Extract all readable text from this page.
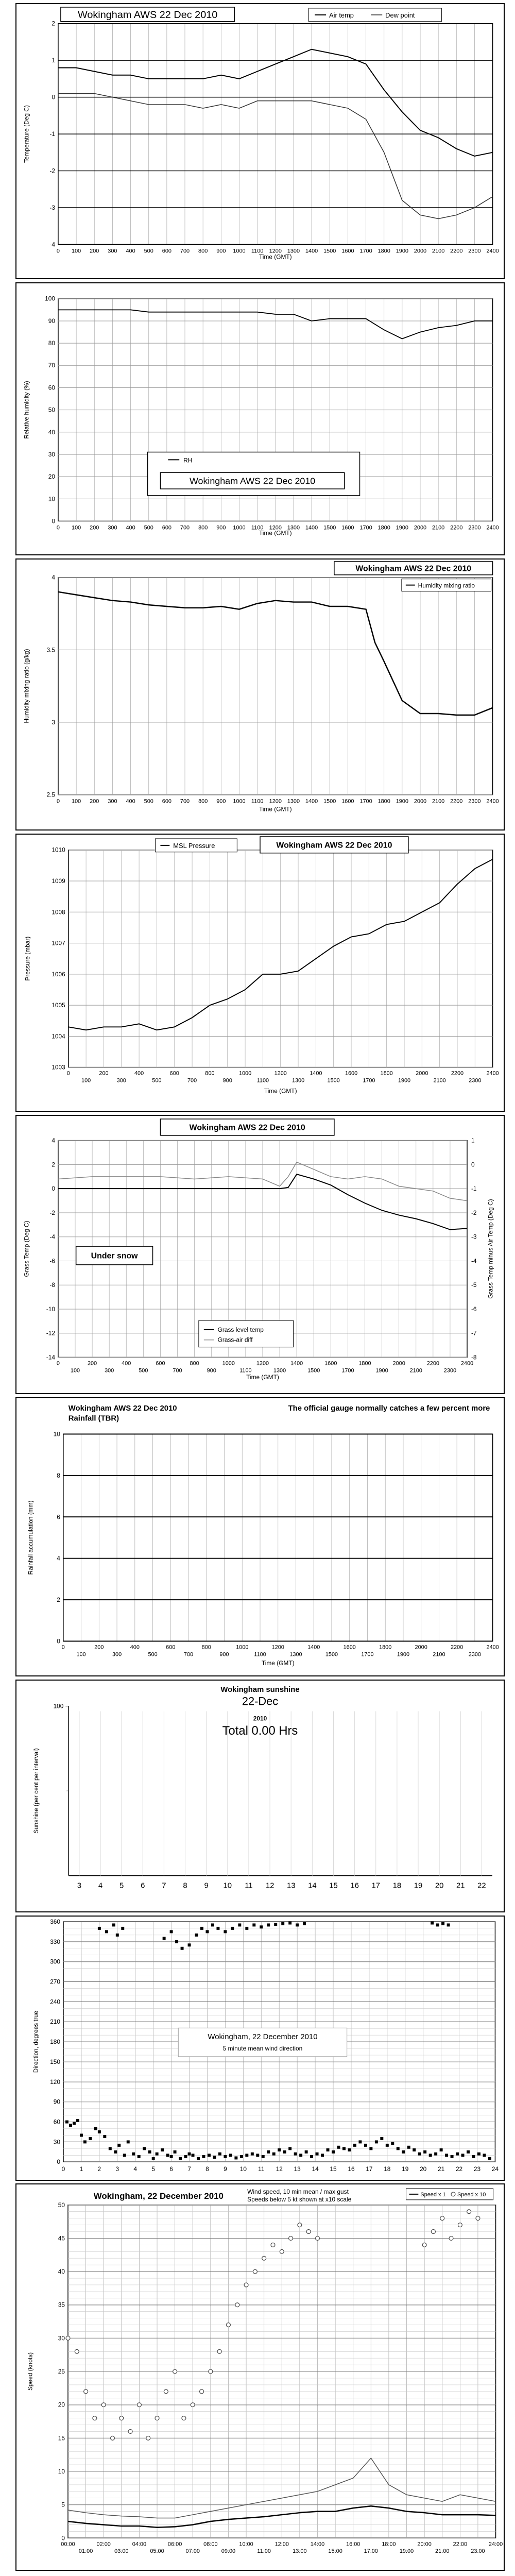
-4
-3
-2
-1
0
1
2
0 100 200 300 400 500 600 700 800 900 1000 1100 1200 1300 1400 1500 1600 1700 1800 1900 2000 2100 2200 2300 2400
Time (GMT)
Temperature (Deg C)
Wokingham AWS 22 Dec 2010	Air temp	Dew point
0
10
20
30
40
50
60
70
80
90
100
0 100 200 300 400 500 600 700 800 900 1000 1100 1200 1300 1400 1500 1600 1700 1800 1900 2000 2100 2200 2300 2400
Time (GMT)
Relative humidity (%)
RH
Wokingham AWS 22 Dec 2010
2.5
3
3.5
4
0 100 200 300 400 500 600 700 800 900 1000 1100 1200 1300 1400 1500 1600 1700 1800 1900 2000 2100 2200 2300 2400
Time (GMT)
Humidity mixing ratio (g/kg)
Wokingham AWS 22 Dec 2010
Humidity mixing ratio
1003
1004
1005
1006
1007
1008
1009
1010
0	200	400	600	800	1000	1200	1400	1600	1800	2000	2200	2400
100	300	500	700	900	1100	1300	1500	1700	1900	2100	2300
Time (GMT)
Pressure (mbar)
MSL Pressure	Wokingham AWS 22 Dec 2010
-14
-12
-10
-8
-6
-4
-2
0
2
4
0	200	400	600	800	1000	1200	1400	1600	1800	2000	2200	2400
100	300	500	700	900	1100	1300	1500	1700	1900	2100	2300
Time (GMT)
Grass Temp (Deg C)
-8
-7
-6
-5
-4
-3
-2
-1
0
1
Grass Temp minus Air Temp (Deg C)
Wokingham AWS 22 Dec 2010
Under snow
Grass level temp
Grass-air diff
0
2
4
6
8
10
0	200	400	600	800	1000	1200	1400	1600	1800	2000	2200	2400
100	300	500	700	900	1100	1300	1500	1700	1900	2100	2300
Time (GMT)
Rainfall accumulation (mm)
Wokingham AWS 22 Dec 2010
Rainfall (TBR)
The official gauge normally catches a few percent more
100
3 4 5 6 7 8 9 10 11 12 13 14 15 16 17 18 19 20 21 22
Sunshine (per cent per interval)
Wokingham sunshine
22-Dec
2010
Total 0.00 Hrs
0
30
60
90
120
150
180
210
240
270
300
330
360
0 1 2 3 4 5 6 7 8 9 10 11 12 13 14 15 16 17 18 19 20 21 22 23 24
Direction, degrees true	Wokingham, 22 December 2010
5 minute mean wind direction
0
5
10
15
20
25
30
35
40
45
50
00:00	02:00	04:00	06:00	08:00	10:00	12:00	14:00	16:00	18:00	20:00	22:00	24:00
01:00	03:00	05:00	07:00	09:00	11:00	13:00	15:00	17:00	19:00	21:00	23:00
Speed (knots)
Wokingham, 22 December 2010	Wind speed, 10 min mean / max gust
Speeds below 5 kt shown at x10 scale
Speed x 1 Speed x 10
